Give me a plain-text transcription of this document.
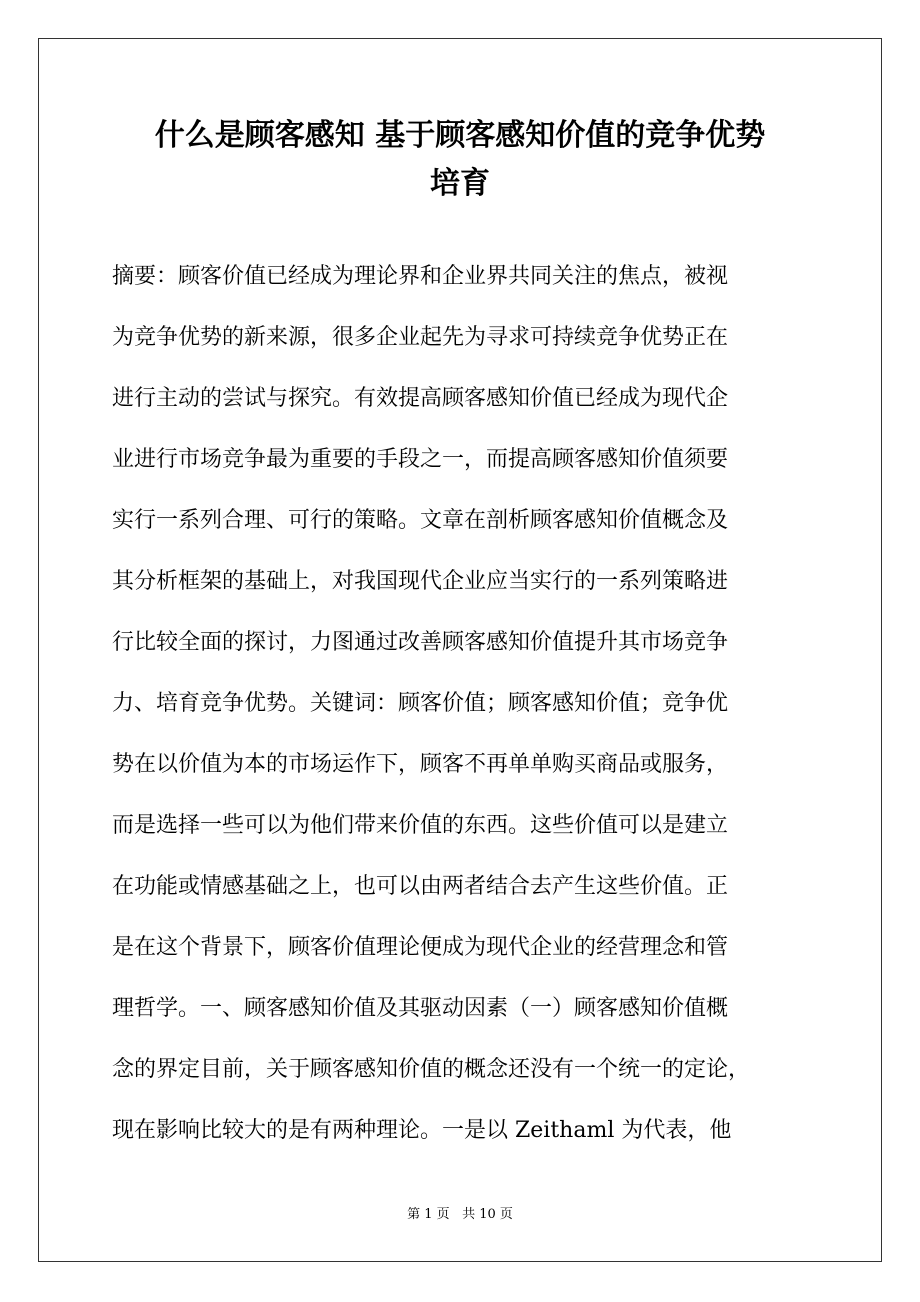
什么是顾客感知 基于顾客感知价值的竞争优势
培育
摘要：顾客价值已经成为理论界和企业界共同关注的焦点，被视
为竞争优势的新来源，很多企业起先为寻求可持续竞争优势正在
进行主动的尝试与探究。有效提高顾客感知价值已经成为现代企
业进行市场竞争最为重要的手段之一，而提高顾客感知价值须要
实行一系列合理、可行的策略。文章在剖析顾客感知价值概念及
其分析框架的基础上，对我国现代企业应当实行的一系列策略进
行比较全面的探讨，力图通过改善顾客感知价值提升其市场竞争
力、培育竞争优势。关键词：顾客价值；顾客感知价值；竞争优
势在以价值为本的市场运作下，顾客不再单单购买商品或服务，
而是选择一些可以为他们带来价值的东西。这些价值可以是建立
在功能或情感基础之上，也可以由两者结合去产生这些价值。正
是在这个背景下，顾客价值理论便成为现代企业的经营理念和管
理哲学。一、顾客感知价值及其驱动因素（一）顾客感知价值概
念的界定目前，关于顾客感知价值的概念还没有一个统一的定论，
现在影响比较大的是有两种理论。一是以 Zeithaml 为代表，他
第 1 页 共 10 页
